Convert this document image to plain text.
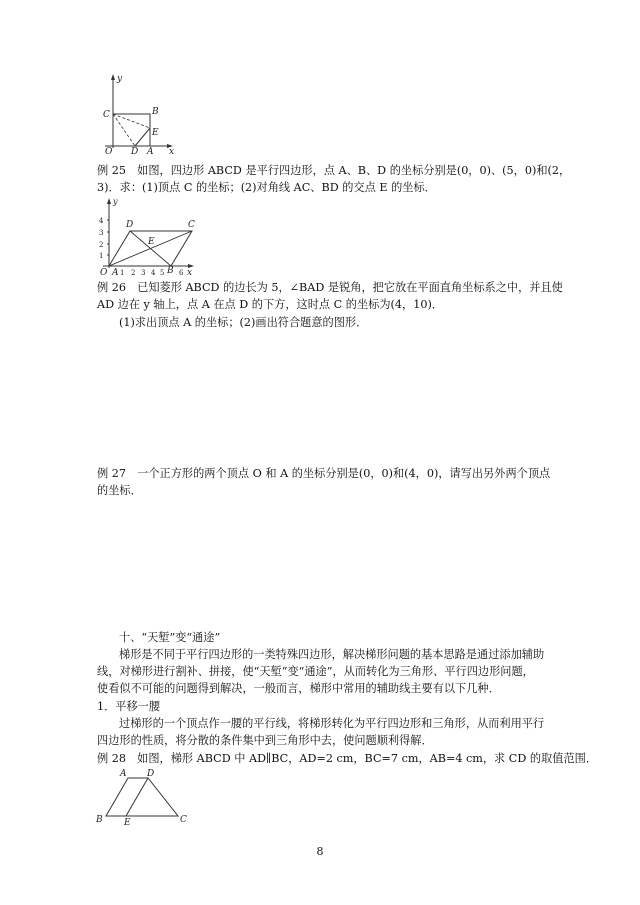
y
C	B
E
O D A x
例 25　如图，四边形 ABCD 是平行四边形，点 A、B、D 的坐标分别是(0，0)、(5，0)和(2，
3)．求：(1)顶点 C 的坐标；(2)对角线 AC、BD 的交点 E 的坐标．
y
4
3
2
1
D	C
E
O A 1 2 3 4 5 B 6 x
例 26　已知菱形 ABCD 的边长为 5，∠BAD 是锐角，把它放在平面直角坐标系之中，并且使
AD 边在 y 轴上，点 A 在点 D 的下方，这时点 C 的坐标为(4，10)．
(1)求出顶点 A 的坐标；(2)画出符合题意的图形．
例 27　一个正方形的两个顶点 O 和 A 的坐标分别是(0，0)和(4，0)，请写出另外两个顶点
的坐标．
十、“天堑”变“通途”
梯形是不同于平行四边形的一类特殊四边形，解决梯形问题的基本思路是通过添加辅助
线，对梯形进行割补、拼接，使“天堑”变“通途”，从而转化为三角形、平行四边形问题，
使看似不可能的问题得到解决，一般而言，梯形中常用的辅助线主要有以下几种．
1．平移一腰
过梯形的一个顶点作一腰的平行线，将梯形转化为平行四边形和三角形，从而利用平行
四边形的性质，将分散的条件集中到三角形中去，使问题顺利得解．
例 28　如图，梯形 ABCD 中 AD∥BC，AD=2 cm，BC=7 cm，AB=4 cm，求 CD 的取值范围．
A D
B E	C
8
